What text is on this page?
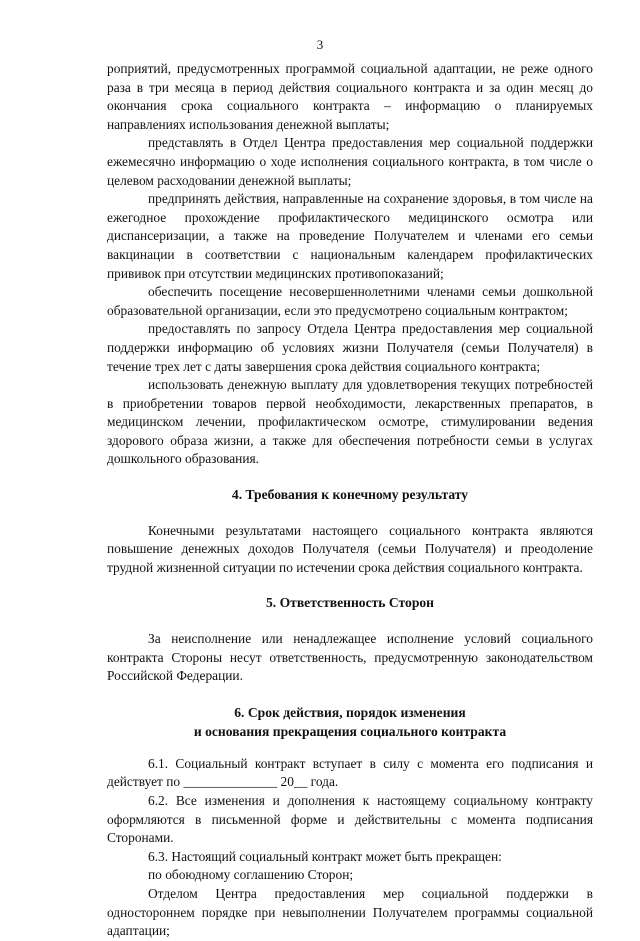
3

роприятий, предусмотренных программой социальной адаптации, не реже одного раза в три месяца в период действия социального контракта и за один месяц до окончания срока социального контракта – информацию о планируемых направлениях использования денежной выплаты;

представлять в Отдел Центра предоставления мер социальной поддержки ежемесячно информацию о ходе исполнения социального контракта, в том числе о целевом расходовании денежной выплаты;

предпринять действия, направленные на сохранение здоровья, в том числе на ежегодное прохождение профилактического медицинского осмотра или диспансеризации, а также на проведение Получателем и членами его семьи вакцинации в соответствии с национальным календарем профилактических прививок при отсутствии медицинских противопоказаний;

обеспечить посещение несовершеннолетними членами семьи дошкольной образовательной организации, если это предусмотрено социальным контрактом;

предоставлять по запросу Отдела Центра предоставления мер социальной поддержки информацию об условиях жизни Получателя (семьи Получателя) в течение трех лет с даты завершения срока действия социального контракта;

использовать денежную выплату для удовлетворения текущих потребностей в приобретении товаров первой необходимости, лекарственных препаратов, в медицинском лечении, профилактическом осмотре, стимулировании ведения здорового образа жизни, а также для обеспечения потребности семьи в услугах дошкольного образования.

4. Требования к конечному результату

Конечными результатами настоящего социального контракта являются повышение денежных доходов Получателя (семьи Получателя) и преодоление трудной жизненной ситуации по истечении срока действия социального контракта.

5. Ответственность Сторон

За неисполнение или ненадлежащее исполнение условий социального контракта Стороны несут ответственность, предусмотренную законодательством Российской Федерации.

6. Срок действия, порядок изменения
и основания прекращения социального контракта

6.1. Социальный контракт вступает в силу с момента его подписания и действует по ______________ 20__ года.

6.2. Все изменения и дополнения к настоящему социальному контракту оформляются в письменной форме и действительны с момента подписания Сторонами.

6.3. Настоящий социальный контракт может быть прекращен:

по обоюдному соглашению Сторон;

Отделом Центра предоставления мер социальной поддержки в одностороннем порядке при невыполнении Получателем программы социальной адаптации;
